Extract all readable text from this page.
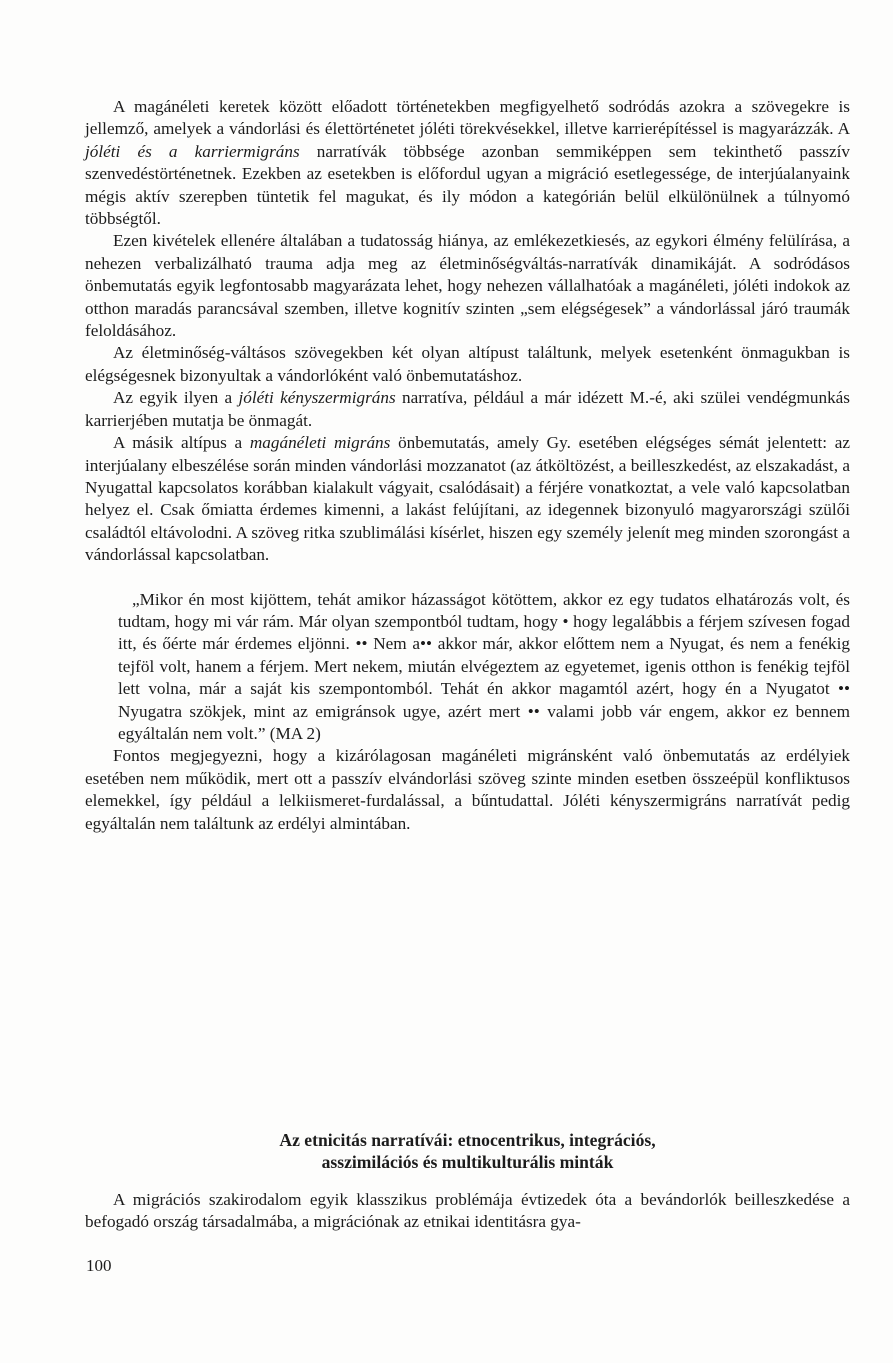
A magánéleti keretek között előadott történetekben megfigyelhető sodródás azokra a szövegekre is jellemző, amelyek a vándorlási és élettörténetet jóléti törekvésekkel, illetve karrierépítéssel is magyarázzák. A jóléti és a karriermigráns narratívák többsége azonban semmiképpen sem tekinthető passzív szenvedéstörténetnek. Ezekben az esetekben is előfordul ugyan a migráció esetlegessége, de interjúalanyaink mégis aktív szerepben tüntetik fel magukat, és ily módon a kategórián belül elkülönülnek a túlnyomó többségtől.

Ezen kivételek ellenére általában a tudatosság hiánya, az emlékezetkiesés, az egykori élmény felülírása, a nehezen verbalizálható trauma adja meg az életminőségváltás-narratívák dinamikáját. A sodródásos önbemutatás egyik legfontosabb magyarázata lehet, hogy nehezen vállalhatóak a magánéleti, jóléti indokok az otthon maradás parancsával szemben, illetve kognitív szinten „sem elégségesek” a vándorlással járó traumák feloldásához.

Az életminőség-váltásos szövegekben két olyan altípust találtunk, melyek esetenként önmagukban is elégségesnek bizonyultak a vándorlóként való önbemutatáshoz.

Az egyik ilyen a jóléti kényszermigráns narratíva, például a már idézett M.-é, aki szülei vendégmunkás karrierjében mutatja be önmagát.

A másik altípus a magánéleti migráns önbemutatás, amely Gy. esetében elégséges sémát jelentett: az interjúalany elbeszélése során minden vándorlási mozzanatot (az átköltözést, a beilleszkedést, az elszakadást, a Nyugattal kapcsolatos korábban kialakult vágyait, csalódásait) a férjére vonatkoztat, a vele való kapcsolatban helyez el. Csak őmiatta érdemes kimenni, a lakást felújítani, az idegennek bizonyuló magyarországi szülői családtól eltávolodni. A szöveg ritka szublimálási kísérlet, hiszen egy személy jelenít meg minden szorongást a vándorlással kapcsolatban.

„Mikor én most kijöttem, tehát amikor házasságot kötöttem, akkor ez egy tudatos elhatározás volt, és tudtam, hogy mi vár rám. Már olyan szempontból tudtam, hogy • hogy legalábbis a férjem szívesen fogad itt, és őérte már érdemes eljönni. •• Nem a•• akkor már, akkor előttem nem a Nyugat, és nem a fenékig tejföl volt, hanem a férjem. Mert nekem, miután elvégeztem az egyetemet, igenis otthon is fenékig tejföl lett volna, már a saját kis szempontomból. Tehát én akkor magamtól azért, hogy én a Nyugatot •• Nyugatra szökjek, mint az emigránsok ugye, azért mert •• valami jobb vár engem, akkor ez bennem egyáltalán nem volt.” (MA 2)

Fontos megjegyezni, hogy a kizárólagosan magánéleti migránsként való önbemutatás az erdélyiek esetében nem működik, mert ott a passzív elvándorlási szöveg szinte minden esetben összeépül konfliktusos elemekkel, így például a lelkiismeret-furdalással, a bűntudattal. Jóléti kényszermigráns narratívát pedig egyáltalán nem találtunk az erdélyi almintában.

Az etnicitás narratívái: etnocentrikus, integrációs,
asszimilációs és multikulturális minták

A migrációs szakirodalom egyik klasszikus problémája évtizedek óta a bevándorlók beilleszkedése a befogadó ország társadalmába, a migrációnak az etnikai identitásra gya-

100
